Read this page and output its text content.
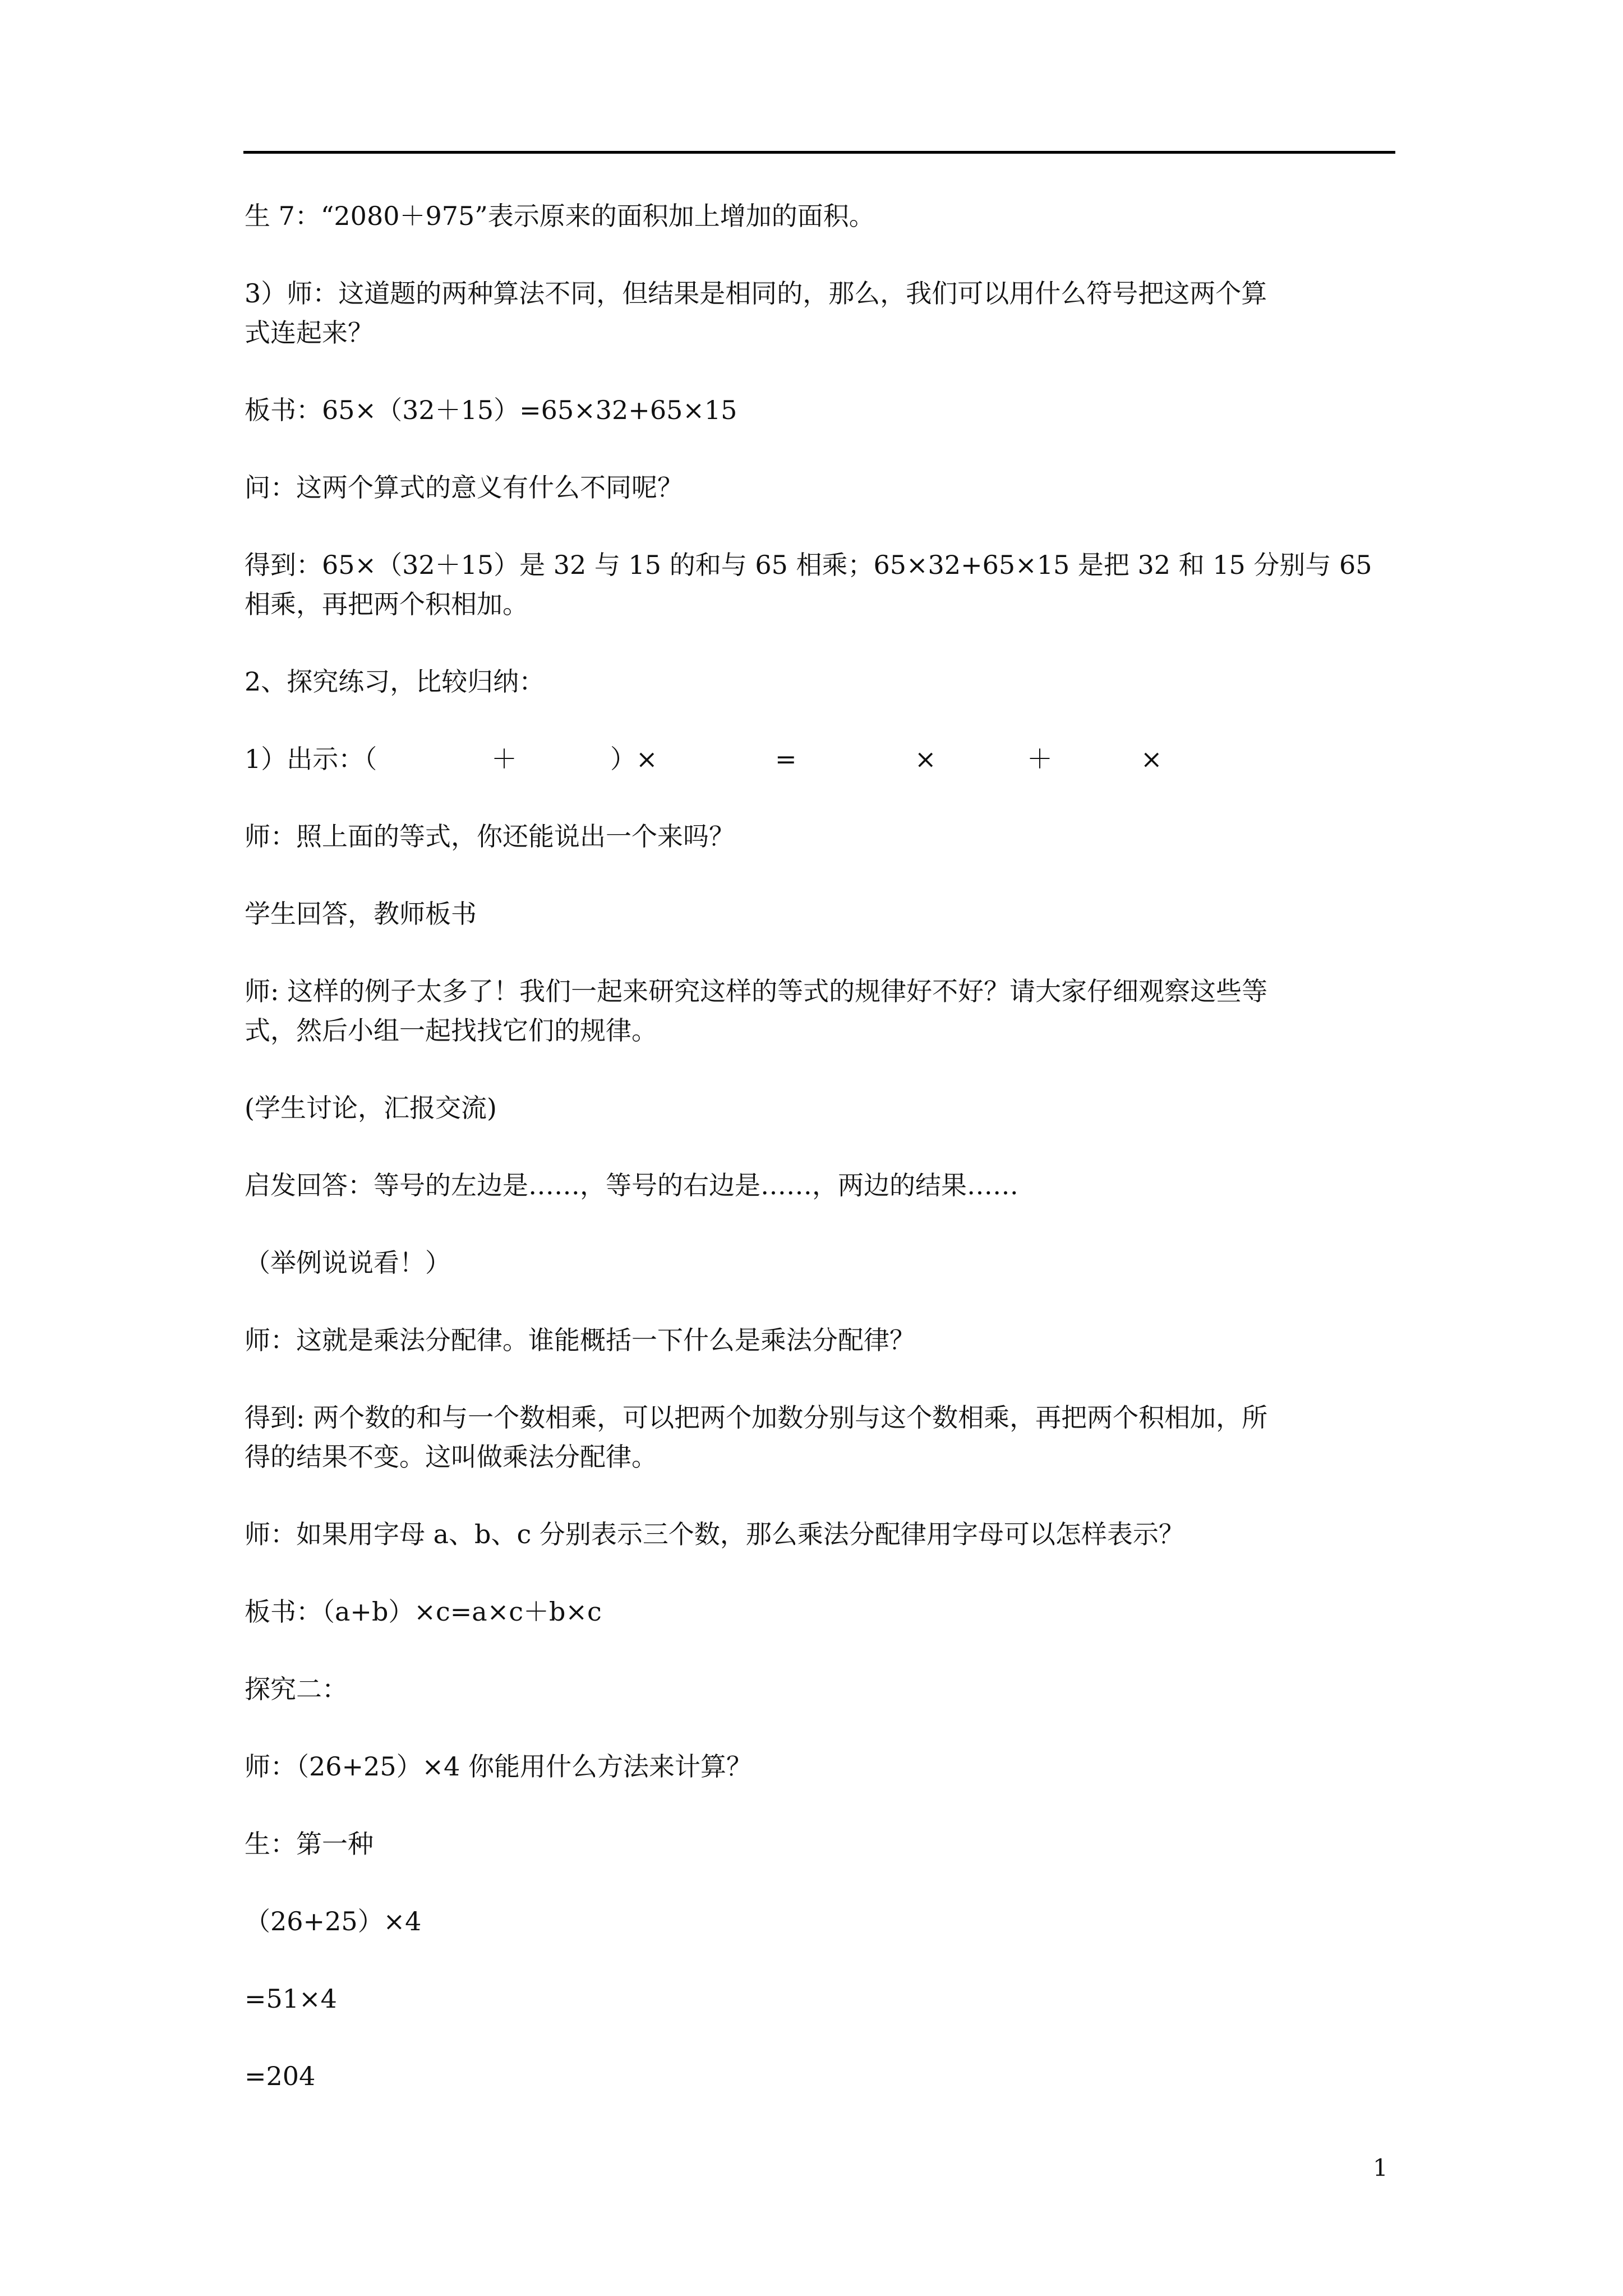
生 7：“2080＋975”表示原来的面积加上增加的面积。

3）师：这道题的两种算法不同，但结果是相同的，那么，我们可以用什么符号把这两个算
式连起来？

板书：65×（32＋15）=65×32+65×15

问：这两个算式的意义有什么不同呢？

得到：65×（32＋15）是 32 与 15 的和与 65 相乘；65×32+65×15 是把 32 和 15 分别与 65
相乘，再把两个积相加。

2、探究练习，比较归纳：

1）出示：（	＋	）×	=	×	＋	×

师：照上面的等式，你还能说出一个来吗？

学生回答，教师板书

师: 这样的例子太多了！我们一起来研究这样的等式的规律好不好？请大家仔细观察这些等
式，然后小组一起找找它们的规律。

(学生讨论，汇报交流)

启发回答：等号的左边是……，等号的右边是……，两边的结果……

（举例说说看！）

师：这就是乘法分配律。谁能概括一下什么是乘法分配律？

得到: 两个数的和与一个数相乘，可以把两个加数分别与这个数相乘，再把两个积相加，所
得的结果不变。这叫做乘法分配律。

师：如果用字母 a、b、c 分别表示三个数，那么乘法分配律用字母可以怎样表示？

板书：（a+b）×c=a×c＋b×c

探究二：

师：（26+25）×4 你能用什么方法来计算？

生：第一种

（26+25）×4

=51×4

=204

1
